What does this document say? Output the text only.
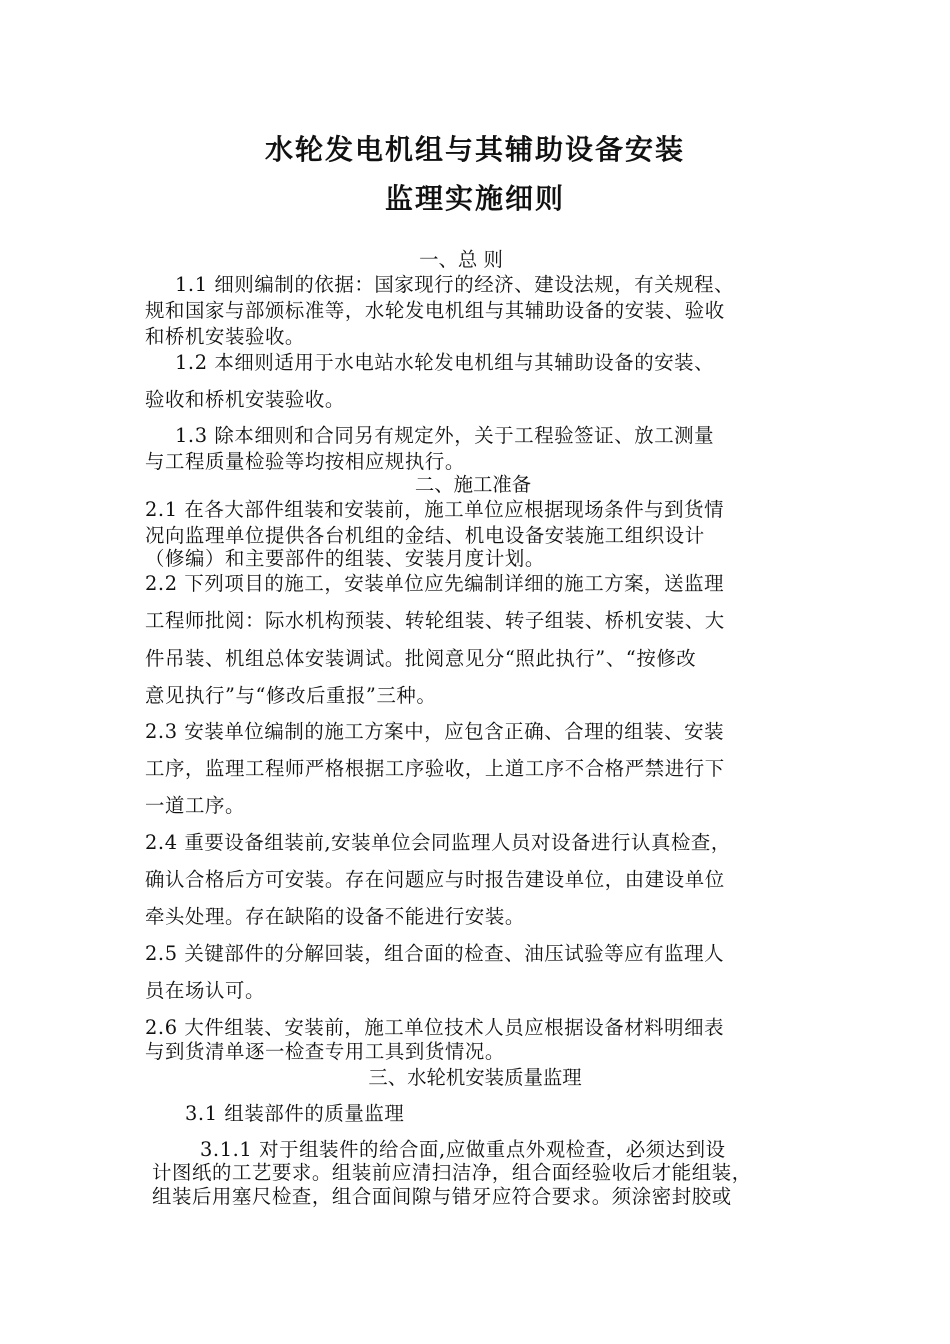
水轮发电机组与其辅助设备安装
监理实施细则

一、总 则

1.1 细则编制的依据：国家现行的经济、建设法规，有关规程、

规和国家与部颁标准等，水轮发电机组与其辅助设备的安装、验收

和桥机安装验收。

1.2 本细则适用于水电站水轮发电机组与其辅助设备的安装、

验收和桥机安装验收。

1.3 除本细则和合同另有规定外，关于工程验签证、放工测量

与工程质量检验等均按相应规执行。

二、施工准备

2.1 在各大部件组装和安装前，施工单位应根据现场条件与到货情

况向监理单位提供各台机组的金结、机电设备安装施工组织设计

（修编）和主要部件的组装、安装月度计划。

2.2 下列项目的施工，安装单位应先编制详细的施工方案，送监理

工程师批阅：际水机构预装、转轮组装、转子组装、桥机安装、大

件吊装、机组总体安装调试。批阅意见分“照此执行”、“按修改

意见执行”与“修改后重报”三种。

2.3 安装单位编制的施工方案中，应包含正确、合理的组装、安装

工序，监理工程师严格根据工序验收，上道工序不合格严禁进行下

一道工序。

2.4 重要设备组装前,安装单位会同监理人员对设备进行认真检查，

确认合格后方可安装。存在问题应与时报告建设单位，由建设单位

牵头处理。存在缺陷的设备不能进行安装。

2.5 关键部件的分解回装，组合面的检查、油压试验等应有监理人

员在场认可。

2.6 大件组装、安装前，施工单位技术人员应根据设备材料明细表

与到货清单逐一检查专用工具到货情况。

三、水轮机安装质量监理

3.1 组装部件的质量监理

3.1.1 对于组装件的给合面,应做重点外观检查，必须达到设

计图纸的工艺要求。组装前应清扫洁净，组合面经验收后才能组装，

组装后用塞尺检查，组合面间隙与错牙应符合要求。须涂密封胶或
